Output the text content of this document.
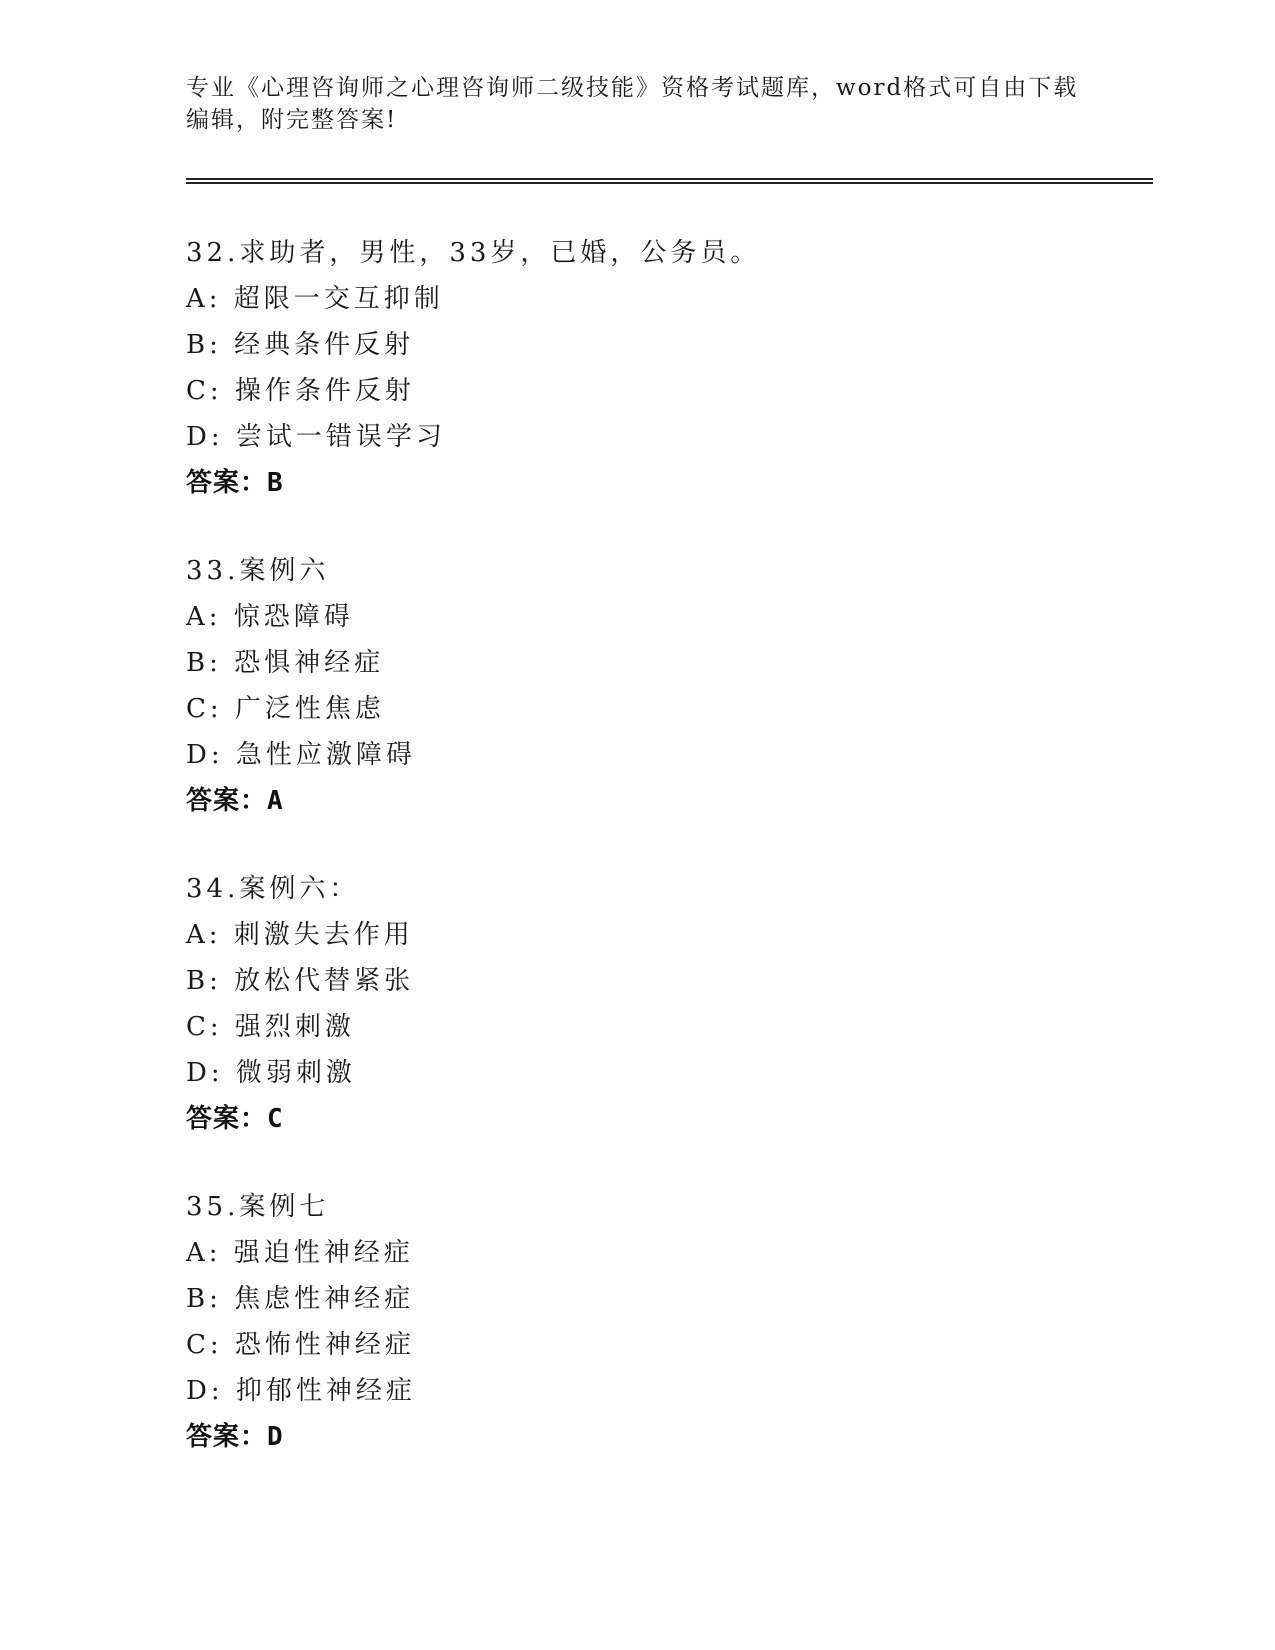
专业《心理咨询师之心理咨询师二级技能》资格考试题库，word格式可自由下载
编辑，附完整答案!
32.求助者，男性，33岁，已婚，公务员。
A: 超限一交互抑制
B: 经典条件反射
C: 操作条件反射
D: 尝试一错误学习
答案：B
33.案例六
A: 惊恐障碍
B: 恐惧神经症
C: 广泛性焦虑
D: 急性应激障碍
答案：A
34.案例六：
A: 刺激失去作用
B: 放松代替紧张
C: 强烈刺激
D: 微弱刺激
答案：C
35.案例七
A: 强迫性神经症
B: 焦虑性神经症
C: 恐怖性神经症
D: 抑郁性神经症
答案：D
